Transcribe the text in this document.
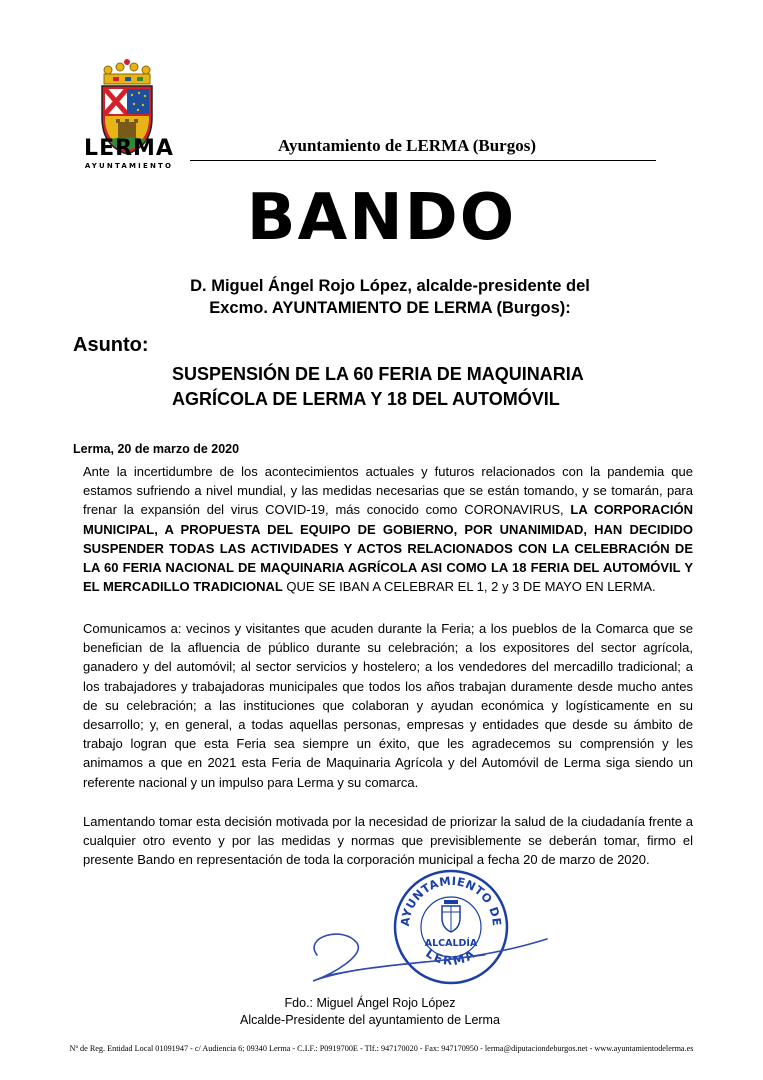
LERMA
AYUNTAMIENTO
Ayuntamiento de LERMA (Burgos)
BANDO
D. Miguel Ángel Rojo López, alcalde-presidente del
Excmo. AYUNTAMIENTO DE LERMA (Burgos):
Asunto:
SUSPENSIÓN DE LA 60 FERIA DE MAQUINARIA
AGRÍCOLA DE LERMA Y 18 DEL AUTOMÓVIL
Lerma, 20 de marzo de 2020

Ante la incertidumbre de los acontecimientos actuales y futuros relacionados con la pandemia que estamos sufriendo a nivel mundial, y las medidas necesarias que se están tomando, y se tomarán, para frenar la expansión del virus COVID-19, más conocido como CORONAVIRUS, LA CORPORACIÓN MUNICIPAL, A PROPUESTA DEL EQUIPO DE GOBIERNO, POR UNANIMIDAD, HAN DECIDIDO SUSPENDER TODAS LAS ACTIVIDADES Y ACTOS RELACIONADOS CON LA CELEBRACIÓN DE LA 60 FERIA NACIONAL DE MAQUINARIA AGRÍCOLA ASI COMO LA 18 FERIA DEL AUTOMÓVIL Y EL MERCADILLO TRADICIONAL QUE SE IBAN A CELEBRAR EL 1, 2 y 3 DE MAYO EN LERMA.

Comunicamos a: vecinos y visitantes que acuden durante la Feria; a los pueblos de la Comarca que se benefician de la afluencia de público durante su celebración; a los expositores del sector agrícola, ganadero y del automóvil; al sector servicios y hostelero; a los vendedores del mercadillo tradicional; a los trabajadores y trabajadoras municipales que todos los años trabajan duramente desde mucho antes de su celebración; a las instituciones que colaboran y ayudan económica y logísticamente en su desarrollo; y, en general, a todas aquellas personas, empresas y entidades que desde su ámbito de trabajo logran que esta Feria sea siempre un éxito, que les agradecemos su comprensión y les animamos a que en 2021 esta Feria de Maquinaria Agrícola y del Automóvil de Lerma siga siendo un referente nacional y un impulso para Lerma y su comarca.

Lamentando tomar esta decisión motivada por la necesidad de priorizar la salud de la ciudadanía frente a cualquier otro evento y por las medidas y normas que previsiblemente se deberán tomar, firmo el presente Bando en representación de toda la corporación municipal a fecha 20 de marzo de 2020.

AYUNTAMIENTO DE
LERMA
ALCALDÍA
Fdo.: Miguel Ángel Rojo López
Alcalde-Presidente del ayuntamiento de Lerma
Nº de Reg. Entidad Local 01091947 - c/ Audiencia 6; 09340 Lerma - C.I.F.: P0919700E - Tlf.: 947170020 - Fax: 947170950 - lerma@diputaciondeburgos.net - www.ayuntamientodelerma.es
